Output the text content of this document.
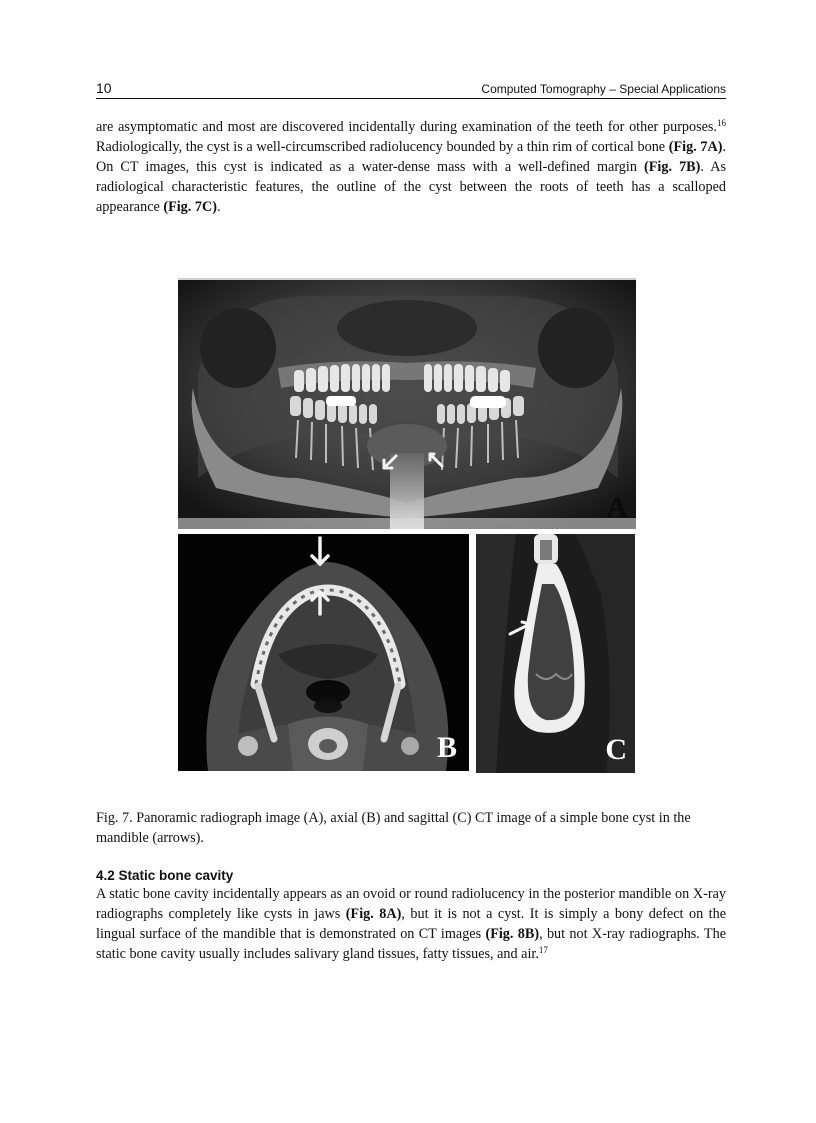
10	Computed Tomography – Special Applications

are asymptomatic and most are discovered incidentally during examination of the teeth for other purposes.$^{16}$ Radiologically, the cyst is a well-circumscribed radiolucency bounded by a thin rim of cortical bone (Fig. 7A). On CT images, this cyst is indicated as a water-dense mass with a well-defined margin (Fig. 7B). As radiological characteristic features, the outline of the cyst between the roots of teeth has a scalloped appearance (Fig. 7C).

A
B	C

Fig. 7. Panoramic radiograph image (A), axial (B) and sagittal (C) CT image of a simple bone cyst in the mandible (arrows).

4.2 Static bone cavity

A static bone cavity incidentally appears as an ovoid or round radiolucency in the posterior mandible on X-ray radiographs completely like cysts in jaws (Fig. 8A), but it is not a cyst. It is simply a bony defect on the lingual surface of the mandible that is demonstrated on CT images (Fig. 8B), but not X-ray radiographs. The static bone cavity usually includes salivary gland tissues, fatty tissues, and air.$^{17}$
